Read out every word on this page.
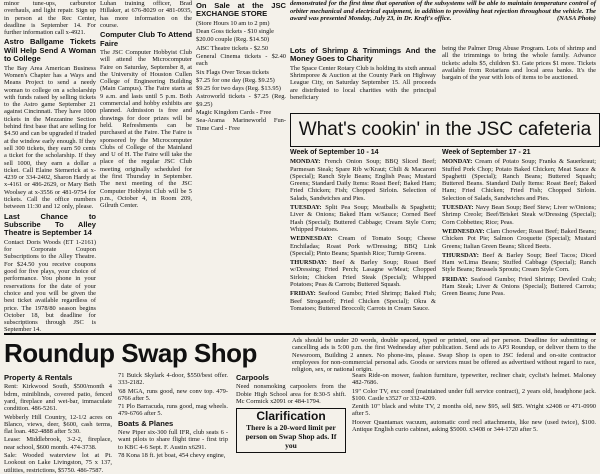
minor tune-ups, carburetor overhauls, and light repair. Sign up in person at the Rec Center, deadline is September 14. For further information call x-4921.

Astro Ballgame Tickets Will Help Send A Woman to College

The Bay Area American Business Women's Chapter has a Ways and Means Project to send a needy woman to college on a scholarship with funds raised by selling tickets to the Astro game September 21 against Cincinnati. They have 1000 tickets in the Mezzanine Section behind first base that are selling for $4.50 and can be upgraded if traded at the window early enough. If they sell 300 tickets, they earn 50 cents a ticket for the scholarship. If they sell 1000, they earn a dollar a ticket. Call Elaine Stemerick at x-4239 or 334-2402, Sharon Hardy at x-4161 or 486-2629, or Mary Beth Woolsey at x-3556 or 481-9754 for tickets. Call the office numbers between 11:30 and 12 only, please.

Last Chance to Subscribe To Alley Theatre is September 14

Contact Doris Woods (ET 1-2161) for Corporate Coupon Subscriptions to the Alley Theatre. For $24.50 you receive coupons good for five plays, your choice of performance. You phone in your reservations for the date of your choice and you will be given the best ticket available regardless of price. The 1978/80 season begins October 18, but deadline for subscriptions through JSC is September 14.

Luhan training officer, Brad Hillaker, at 676-8029 or 481-0935, has more information on the course.

Computer Club To Attend Faire

The JSC Computer Hobbyist Club will attend the Microcomputer Faire on Saturday, September 8, at the University of Houston Cullen College of Engineering Building (Main Campus). The Faire starts at 9 a.m. and lasts until 5 p.m. Both commercial and hobby exhibits are planned. Admission is free and drawings for door prizes will be held. Refreshments can be purchased at the Faire. The Faire is sponsored by the Microcomputer Clubs of College of the Mainland and U of H. The Faire will take the place of the regular JSC Club meeting originally scheduled for the first Thursday in September. The next meeting of the JSC Computer Hobbyist Club will be 5 p.m., October 4, in Room 209, Gilruth Center.

On Sale at the JSC EXCHANGE STORE

(Store Hours 10 am to 2 pm)

Dean Goss tickets - $10 single

$20.00 couple (Reg. $14.50)

ABC Theatre tickets - $2.50

General Cinema tickets - $2.40 each

Six Flags Over Texas tickets

$7.25 for one day (Reg. $9.25)

$9.25 for two days (Reg. $13.95)

Astroworld tickets - $7.25 (Reg. $9.25)

Magic Kingdom Cards - Free

Sea-Arama Marineworld Fun-Time Card - Free

demonstrated for the first time that operation of the subsystems will be able to maintain temperature control of orbiter mechanical and electrical equipment, in addition to providing heat rejection throughout the vehicle. The award was presented Monday, July 23, in Dr. Kraft's office.	(NASA Photo)
Lots of Shrimp & Trimmings And the Money Goes to Charity

The Space Center Rotary Club is holding its sixth annual Shrimporee & Auction at the County Park on Highway League City, on Saturday September 15. All proceeds are distributed to local charities with the principal beneficiary

being the Palmer Drug Abuse Program. Lots of shrimp and all the trimmings to bring the whole family. Advance tickets: adults $5, children $3. Gate prices $1 more. Tickets available from Rotarians and local area banks. It's the bargain of the year with lots of items to be auctioned.

What's cookin' in the JSC cafeteria
Week of September 10 - 14

MONDAY: French Onion Soup; BBQ Sliced Beef; Parmesan Steak; Spare Rib w/Kraut; Chili & Macaroni (Special); Ranch Style Beans; English Peas; Mustard Greens; Standard Daily Items: Roast Beef; Baked Ham; Fried Chicken; Fish; Chopped Sirloin. Selection of Salads, Sandwiches and Pies.

TUESDAY: Split Pea Soup; Meatballs & Spaghetti; Liver & Onions; Baked Ham w/Sauce; Corned Beef Hash (Special); Buttered Cabbage; Cream Style Corn; Whipped Potatoes.

WEDNESDAY: Cream of Tomato Soup; Cheese Enchiladas; Roast Pork w/Dressing; BBQ Link (Special); Pinto Beans; Spanish Rice; Turnip Greens.

THURSDAY: Beef & Barley Soup; Roast Beef w/Dressing; Fried Perch; Lasagne w/Meat; Chopped Sirloin; Chicken Fried Steak (Special); Whipped Potatoes; Peas & Carrots; Buttered Squash.

FRIDAY: Seafood Gumbo; Fried Shrimp; Baked Fish; Beef Stroganoff; Fried Chicken (Special); Okra & Tomatoes; Buttered Broccoli; Carrots in Cream Sauce.

Week of September 17 - 21

MONDAY: Cream of Potato Soup; Franks & Sauerkraut; Stuffed Pork Chop; Potato Baked Chicken; Meat Sauce & Spaghetti (Special); Ranch Beans; Buttered Squash; Buttered Beans. Standard Daily Items: Roast Beef; Baked Ham; Fried Chicken; Fried Fish; Chopped Sirloin. Selection of Salads, Sandwiches and Pies.

TUESDAY: Navy Bean Soup; Beef Stew; Liver w/Onions; Shrimp Creole; Beef/Brisket Steak w/Dressing (Special); Corn Cobbettes; Rice; Peas.

WEDNESDAY: Clam Chowder; Roast Beef; Baked Beans; Chicken Pot Pie; Salmon Croquette (Special); Mustard Greens; Italian Green Beans; Sliced Beets.

THURSDAY: Beef & Barley Soup; Beef Tacos; Diced Ham w/Lima Beans; Stuffed Cabbage (Special); Ranch Style Beans; Brussels Sprouts; Cream Style Corn.

FRIDAY: Seafood Gumbo; Fried Shrimp; Deviled Crab; Ham Steak; Liver & Onions (Special); Buttered Carrots; Green Beans; June Peas.

Roundup Swap Shop	Ads should be under 20 words, double spaced, typed or printed, one ad per person. Deadline for submitting or cancelling ads is 5:00 p.m. the first Wednesday after publication. Send ads to AP3 Roundup, or deliver them to the Newsroom, Building 2 annex. No phone-ins, please. Swap Shop is open to JSC federal and on-site contractor employees for non-commercial personal ads. Goods or services must be offered as advertised without regard to race, religion, sex, or national origin.
Property & Rentals

Rent: Kirkwood South, $500/month 4 bdrm, miniblinds, covered patio, fenced yard, fireplace and wet-bar, immaculate condition. 486-5261.

Webberly Hill Country, 12-1/2 acres on Blanco, views, deer, $600, cash terms, flat loan. 482-4888 after 5:30.

Lease: Middlebrook, 3-2-2, fireplace, near school, $600 month. 474-3738.

Sale: Wooded waterview lot at Pt. Lookout on Lake Livingston, 75 x 137, utilities, restrictions, $5750. 486-7587.

71 Buick Skylark 4-door, $550/best offer. 333-2182.

'68 MGA, runs good, new conv top. 479-6766 after 5.

71 Plo Barracuda, runs good, mag wheels. 479-6766 after 5.

Boats & Planes

New Piper six-300 full IFR, club seats 6 - want pilots to share flight time - first trip to KBC 4-6 Sept. F. Austin x6291.

78 Kona 18 ft. jet boat, 454 chevy engine,

Carpools

Need nonsmoking carpoolers from the Dobie High School area for 8:30-5 shift. Mc Cormick x2091 or 484-1794.

Clarification
There is a 20-word limit per person on Swap Shop ads. If you

Sears Ride-on mower, fashion furniture, typewriter, recliner chair, cyclist's helmet. Maloney 482-7686.

19" Color TV, exc cond (maintained under full service contract), 2 years old, headphone jack. $100. Castle x3527 or 332-4209.

Zenith 10" black and white TV, 2 months old, new $95, sell $85. Wright x2408 or 471-0990 after 5.

Hoover Quantamax vacuum, automatic cord recl attachments, like new (used twice), $100. Antique English curio cabinet, asking $5000. x3408 or 344-1720 after 5.
